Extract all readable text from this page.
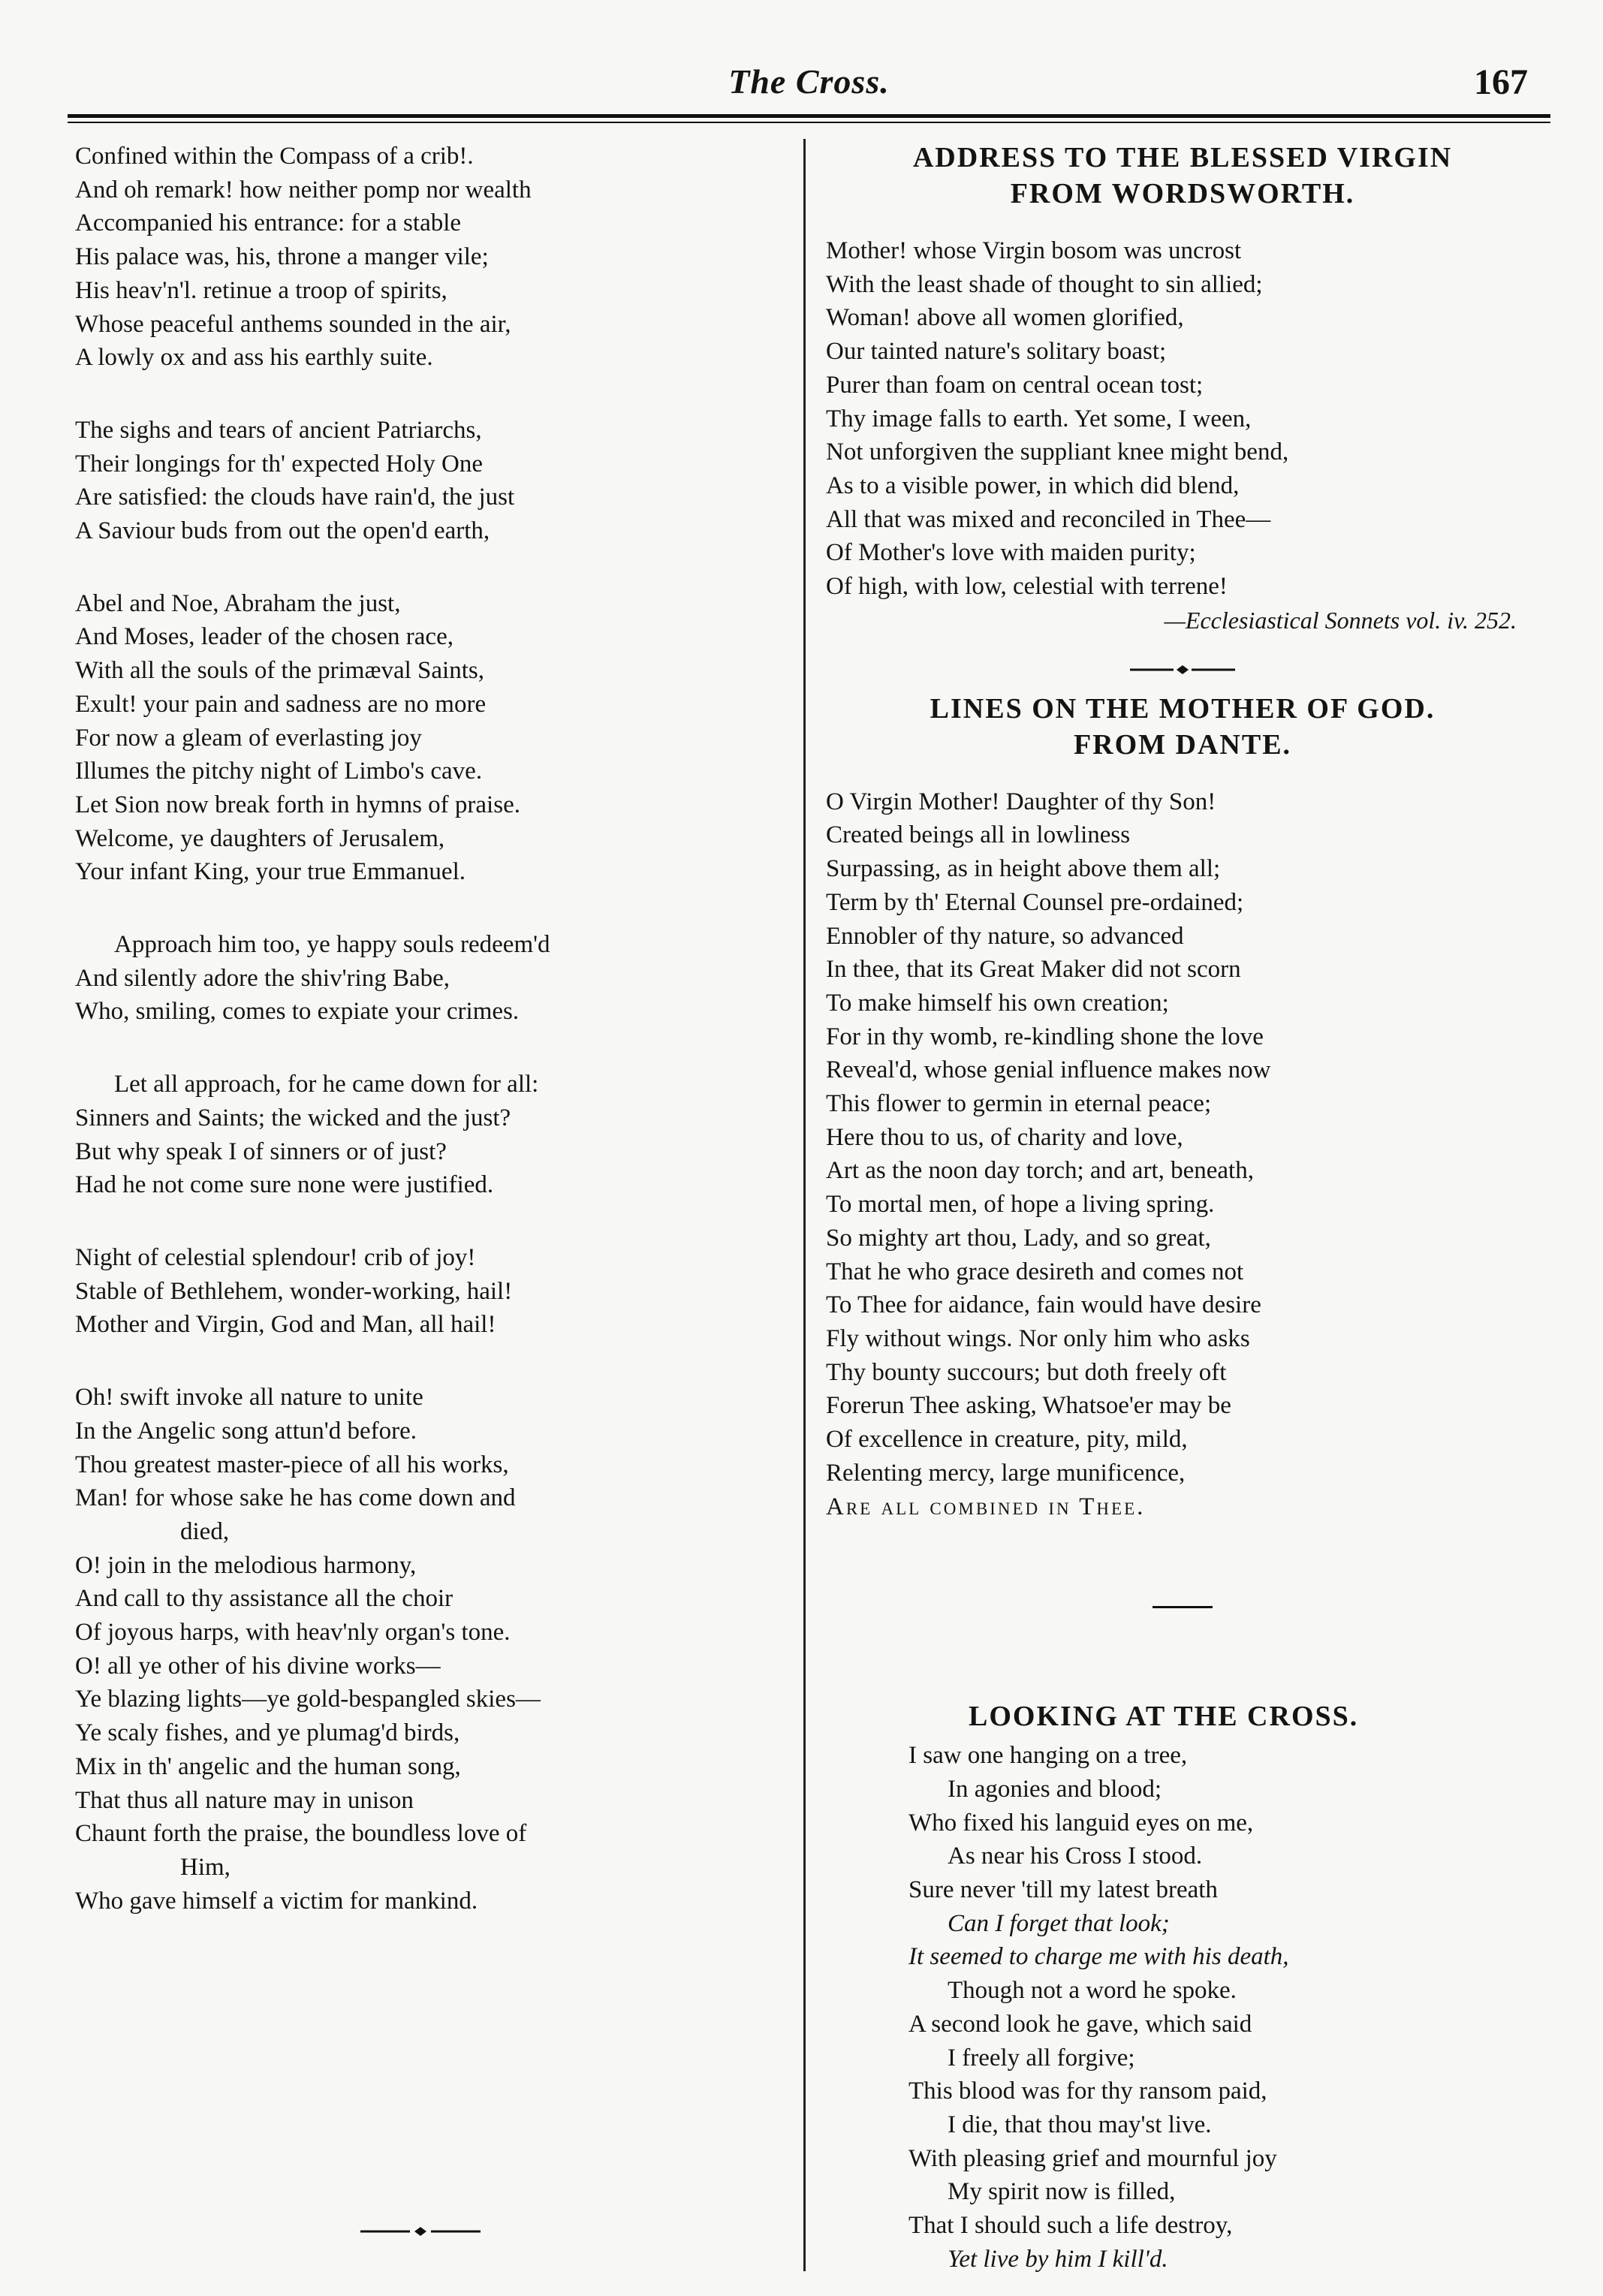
The Cross.	167
Confined within the Compass of a crib!.
And oh remark! how neither pomp nor wealth
Accompanied his entrance: for a stable
His palace was, his, throne a manger vile;
His heav'n'l. retinue a troop of spirits,
Whose peaceful anthems sounded in the air,
A lowly ox and ass his earthly suite.
The sighs and tears of ancient Patriarchs,
Their longings for th' expected Holy One
Are satisfied: the clouds have rain'd, the just
A Saviour buds from out the open'd earth,
Abel and Noe, Abraham the just,
And Moses, leader of the chosen race,
With all the souls of the primæval Saints,
Exult! your pain and sadness are no more
For now a gleam of everlasting joy
Illumes the pitchy night of Limbo's cave.
Let Sion now break forth in hymns of praise.
Welcome, ye daughters of Jerusalem,
Your infant King, your true Emmanuel.
Approach him too, ye happy souls redeem'd
And silently adore the shiv'ring Babe,
Who, smiling, comes to expiate your crimes.
Let all approach, for he came down for all:
Sinners and Saints; the wicked and the just?
But why speak I of sinners or of just?
Had he not come sure none were justified.
Night of celestial splendour! crib of joy!
Stable of Bethlehem, wonder-working, hail!
Mother and Virgin, God and Man, all hail!
Oh! swift invoke all nature to unite
In the Angelic song attun'd before.
Thou greatest master-piece of all his works,
Man! for whose sake he has come down and
died,
O! join in the melodious harmony,
And call to thy assistance all the choir
Of joyous harps, with heav'nly organ's tone.
O! all ye other of his divine works—
Ye blazing lights—ye gold-bespangled skies—
Ye scaly fishes, and ye plumag'd birds,
Mix in th' angelic and the human song,
That thus all nature may in unison
Chaunt forth the praise, the boundless love of
Him,
Who gave himself a victim for mankind.
ADDRESS TO THE BLESSED VIRGIN
FROM WORDSWORTH.
Mother! whose Virgin bosom was uncrost
With the least shade of thought to sin allied;
Woman! above all women glorified,
Our tainted nature's solitary boast;
Purer than foam on central ocean tost;
Thy image falls to earth. Yet some, I ween,
Not unforgiven the suppliant knee might bend,
As to a visible power, in which did blend,
All that was mixed and reconciled in Thee—
Of Mother's love with maiden purity;
Of high, with low, celestial with terrene!
—Ecclesiastical Sonnets vol. iv. 252.
LINES ON THE MOTHER OF GOD.
FROM DANTE.
O Virgin Mother! Daughter of thy Son!
Created beings all in lowliness
Surpassing, as in height above them all;
Term by th' Eternal Counsel pre-ordained;
Ennobler of thy nature, so advanced
In thee, that its Great Maker did not scorn
To make himself his own creation;
For in thy womb, re-kindling shone the love
Reveal'd, whose genial influence makes now
This flower to germin in eternal peace;
Here thou to us, of charity and love,
Art as the noon day torch; and art, beneath,
To mortal men, of hope a living spring.
So mighty art thou, Lady, and so great,
That he who grace desireth and comes not
To Thee for aidance, fain would have desire
Fly without wings. Nor only him who asks
Thy bounty succours; but doth freely oft
Forerun Thee asking, Whatsoe'er may be
Of excellence in creature, pity, mild,
Relenting mercy, large munificence,
Are all combined in Thee.
LOOKING AT THE CROSS.
I saw one hanging on a tree,
In agonies and blood;
Who fixed his languid eyes on me,
As near his Cross I stood.
Sure never 'till my latest breath
Can I forget that look;
It seemed to charge me with his death,
Though not a word he spoke.
A second look he gave, which said
I freely all forgive;
This blood was for thy ransom paid,
I die, that thou may'st live.
With pleasing grief and mournful joy
My spirit now is filled,
That I should such a life destroy,
Yet live by him I kill'd.
